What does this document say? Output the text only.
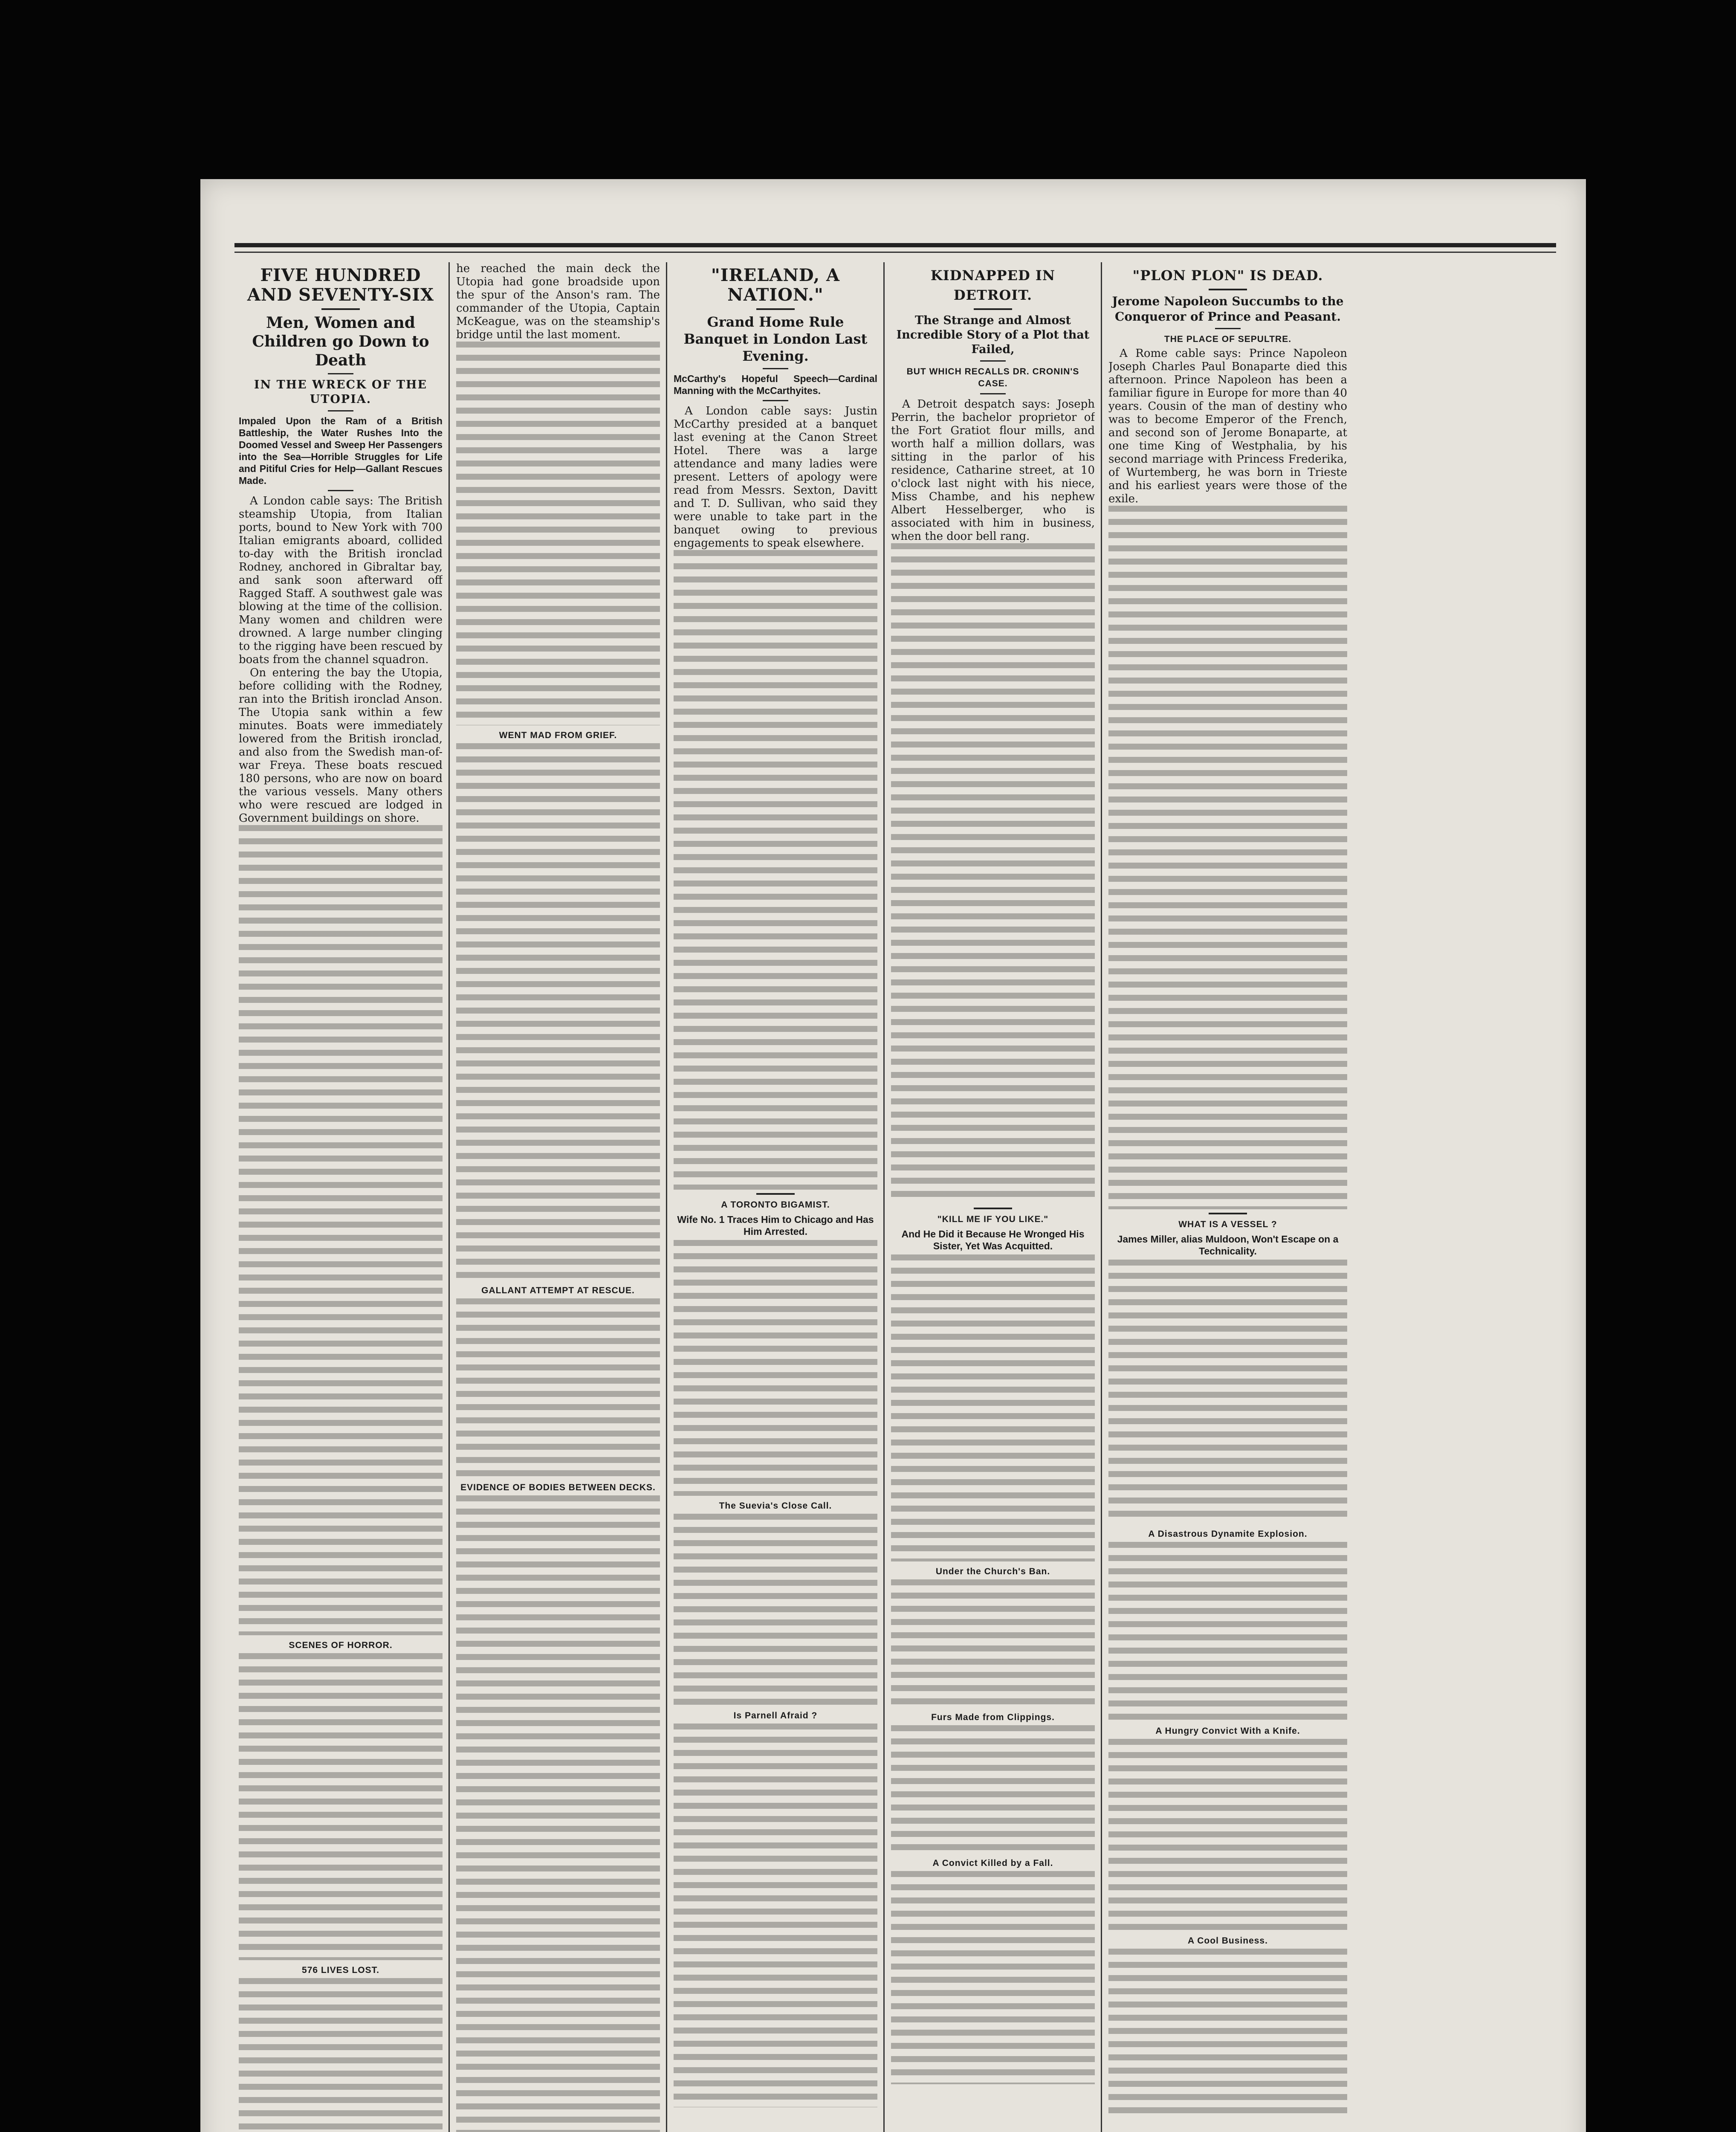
FIVE HUNDRED AND SEVENTY-SIX
Men, Women and Children go Down to Death
IN THE WRECK OF THE UTOPIA.
Impaled Upon the Ram of a British Battleship, the Water Rushes Into the Doomed Vessel and Sweep Her Passengers into the Sea—Horrible Struggles for Life and Pitiful Cries for Help—Gallant Rescues Made.

A London cable says: The British steamship Utopia, from Italian ports, bound to New York with 700 Italian emigrants aboard, collided to-day with the British ironclad Rodney, anchored in Gibraltar bay, and sank soon afterward off Ragged Staff. A southwest gale was blowing at the time of the collision. Many women and children were drowned. A large number clinging to the rigging have been rescued by boats from the channel squadron.

On entering the bay the Utopia, before colliding with the Rodney, ran into the British ironclad Anson. The Utopia sank within a few minutes. Boats were immediately lowered from the British ironclad, and also from the Swedish man-of-war Freya. These boats rescued 180 persons, who are now on board the various vessels. Many others who were rescued are lodged in Government buildings on shore.

SCENES OF HORROR.
576 LIVES LOST.

he reached the main deck the Utopia had gone broadside upon the spur of the Anson's ram. The commander of the Utopia, Captain McKeague, was on the steamship's bridge until the last moment.

WENT MAD FROM GRIEF.
GALLANT ATTEMPT AT RESCUE.
EVIDENCE OF BODIES BETWEEN DECKS.
"IRELAND, A NATION."
Grand Home Rule Banquet in London Last Evening.
McCarthy's Hopeful Speech—Cardinal Manning with the McCarthyites.

A London cable says: Justin McCarthy presided at a banquet last evening at the Canon Street Hotel. There was a large attendance and many ladies were present. Letters of apology were read from Messrs. Sexton, Davitt and T. D. Sullivan, who said they were unable to take part in the banquet owing to previous engagements to speak elsewhere.

A TORONTO BIGAMIST.
Wife No. 1 Traces Him to Chicago and Has Him Arrested.
The Suevia's Close Call.
Is Parnell Afraid ?
KIDNAPPED IN DETROIT.
The Strange and Almost Incredible Story of a Plot that Failed,
BUT WHICH RECALLS DR. CRONIN'S CASE.

A Detroit despatch says: Joseph Perrin, the bachelor proprietor of the Fort Gratiot flour mills, and worth half a million dollars, was sitting in the parlor of his residence, Catharine street, at 10 o'clock last night with his niece, Miss Chambe, and his nephew Albert Hesselberger, who is associated with him in business, when the door bell rang.

"KILL ME IF YOU LIKE."
And He Did it Because He Wronged His Sister, Yet Was Acquitted.
Under the Church's Ban.
Furs Made from Clippings.
A Convict Killed by a Fall.
"PLON PLON" IS DEAD.
Jerome Napoleon Succumbs to the Conqueror of Prince and Peasant.
THE PLACE OF SEPULTRE.

A Rome cable says: Prince Napoleon Joseph Charles Paul Bonaparte died this afternoon. Prince Napoleon has been a familiar figure in Europe for more than 40 years. Cousin of the man of destiny who was to become Emperor of the French, and second son of Jerome Bonaparte, at one time King of Westphalia, by his second marriage with Princess Frederika, of Wurtemberg, he was born in Trieste and his earliest years were those of the exile.

WHAT IS A VESSEL ?
James Miller, alias Muldoon, Won't Escape on a Technicality.
A Disastrous Dynamite Explosion.
A Hungry Convict With a Knife.
A Cool Business.
